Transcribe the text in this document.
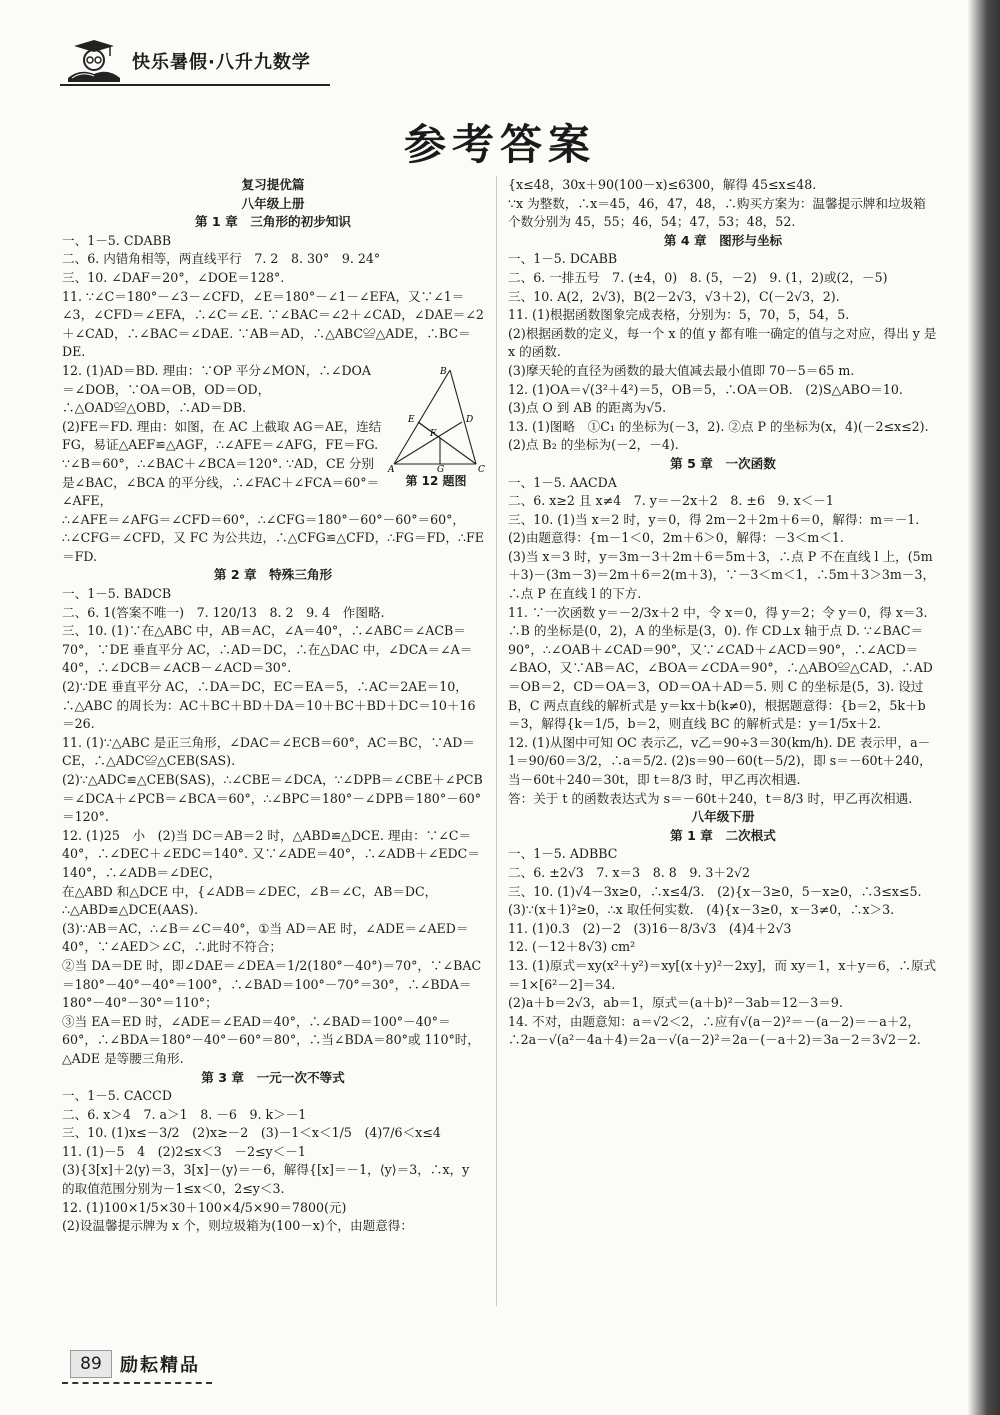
快乐暑假·八升九数学
参考答案
复习提优篇
八年级上册
第 1 章　三角形的初步知识
一、1－5. CDABB
二、6. 内错角相等，两直线平行　7. 2　8. 30°　9. 24°
三、10. ∠DAF＝20°，∠DOE＝128°.
11. ∵∠C＝180°－∠3－∠CFD，∠E＝180°－∠1－∠EFA，又∵∠1＝∠3，∠CFD＝∠EFA，∴∠C＝∠E. ∵∠BAC＝∠2＋∠CAD，∠DAE＝∠2＋∠CAD，∴∠BAC＝∠DAE. ∵AB＝AD，∴△ABC≌△ADE，∴BC＝DE.
B
E	D
F
A	G	C
第 12 题图
12. (1)AD＝BD. 理由：∵OP 平分∠MON，∴∠DOA＝∠DOB，∵OA＝OB，OD＝OD，∴△OAD≌△OBD，∴AD＝DB.
(2)FE＝FD. 理由：如图，在 AC 上截取 AG＝AE，连结 FG，易证△AEF≌△AGF，∴∠AFE＝∠AFG，FE＝FG. ∵∠B＝60°，∴∠BAC＋∠BCA＝120°. ∵AD，CE 分别是∠BAC，∠BCA 的平分线，∴∠FAC＋∠FCA＝60°＝∠AFE，
∴∠AFE＝∠AFG＝∠CFD＝60°，∴∠CFG＝180°－60°－60°＝60°，∴∠CFG＝∠CFD，又 FC 为公共边，∴△CFG≌△CFD，∴FG＝FD，∴FE＝FD.
第 2 章　特殊三角形
一、1－5. BADCB
二、6. 1(答案不唯一)　7. 120/13　8. 2　9. 4　作图略.
三、10. (1)∵在△ABC 中，AB＝AC，∠A＝40°，∴∠ABC＝∠ACB＝70°，∵DE 垂直平分 AC，∴AD＝DC，∴在△DAC 中，∠DCA＝∠A＝40°，∴∠DCB＝∠ACB－∠ACD＝30°.
(2)∵DE 垂直平分 AC，∴DA＝DC，EC＝EA＝5，∴AC＝2AE＝10，∴△ABC 的周长为：AC＋BC＋BD＋DA＝10＋BC＋BD＋DC＝10＋16＝26.
11. (1)∵△ABC 是正三角形，∠DAC＝∠ECB＝60°，AC＝BC，∵AD＝CE，∴△ADC≌△CEB(SAS).
(2)∵△ADC≌△CEB(SAS)，∴∠CBE＝∠DCA，∵∠DPB＝∠CBE＋∠PCB＝∠DCA＋∠PCB＝∠BCA＝60°，∴∠BPC＝180°－∠DPB＝180°－60°＝120°.
12. (1)25　小　(2)当 DC＝AB＝2 时，△ABD≌△DCE. 理由：∵∠C＝40°，∴∠DEC＋∠EDC＝140°. 又∵∠ADE＝40°，∴∠ADB＋∠EDC＝140°，∴∠ADB＝∠DEC，
在△ABD 和△DCE 中，{∠ADB＝∠DEC，∠B＝∠C，AB＝DC，
∴△ABD≌△DCE(AAS).
(3)∵AB＝AC，∴∠B＝∠C＝40°，①当 AD＝AE 时，∠ADE＝∠AED＝40°，∵∠AED＞∠C，∴此时不符合；
②当 DA＝DE 时，即∠DAE＝∠DEA＝1/2(180°－40°)＝70°，∵∠BAC＝180°－40°－40°＝100°，∴∠BAD＝100°－70°＝30°，∴∠BDA＝180°－40°－30°＝110°；
③当 EA＝ED 时，∠ADE＝∠EAD＝40°，∴∠BAD＝100°－40°＝60°，∴∠BDA＝180°－40°－60°＝80°，∴当∠BDA＝80°或 110°时，△ADE 是等腰三角形.
第 3 章　一元一次不等式
一、1－5. CACCD
二、6. x＞4　7. a＞1　8. －6　9. k＞－1
三、10. (1)x≤－3/2　(2)x≥－2　(3)－1＜x＜1/5　(4)7/6＜x≤4
11. (1)－5　4　(2)2≤x＜3　－2≤y＜－1
(3){3[x]＋2⟨y⟩＝3，3[x]－⟨y⟩＝－6，解得{[x]＝－1，⟨y⟩＝3，∴x，y 的取值范围分别为－1≤x＜0，2≤y＜3.
12. (1)100×1/5×30＋100×4/5×90＝7800(元)
(2)设温馨提示牌为 x 个，则垃圾箱为(100－x)个，由题意得：
{x≤48，30x＋90(100－x)≤6300，解得 45≤x≤48.
∵x 为整数，∴x＝45，46，47，48，∴购买方案为：温馨提示牌和垃圾箱个数分别为 45，55；46，54；47，53；48，52.
第 4 章　图形与坐标
一、1－5. DCABB
二、6. 一排五号　7. (±4，0)　8. (5，－2)　9. (1，2)或(2，－5)
三、10. A(2，2√3)，B(2－2√3，√3＋2)，C(－2√3，2).
11. (1)根据函数图象完成表格，分别为：5，70，5，54，5.
(2)根据函数的定义，每一个 x 的值 y 都有唯一确定的值与之对应，得出 y 是 x 的函数.
(3)摩天轮的直径为函数的最大值减去最小值即 70－5＝65 m.
12. (1)OA＝√(3²＋4²)＝5，OB＝5，∴OA＝OB.　(2)S△ABO＝10.
(3)点 O 到 AB 的距离为√5.
13. (1)图略　①C₁ 的坐标为(－3，2). ②点 P 的坐标为(x，4)(－2≤x≤2).
(2)点 B₂ 的坐标为(－2，－4).
第 5 章　一次函数
一、1－5. AACDA
二、6. x≥2 且 x≠4　7. y＝－2x＋2　8. ±6　9. x＜－1
三、10. (1)当 x＝2 时，y＝0，得 2m－2＋2m＋6＝0，解得：m＝－1.
(2)由题意得：{m－1＜0，2m＋6＞0，解得：－3＜m＜1.
(3)当 x＝3 时，y＝3m－3＋2m＋6＝5m＋3，∴点 P 不在直线 l 上，(5m＋3)－(3m－3)＝2m＋6＝2(m＋3)，∵－3＜m＜1，∴5m＋3＞3m－3，∴点 P 在直线 l 的下方.
11. ∵一次函数 y＝－2/3x＋2 中，令 x＝0，得 y＝2；令 y＝0，得 x＝3. ∴B 的坐标是(0，2)，A 的坐标是(3，0). 作 CD⊥x 轴于点 D. ∵∠BAC＝90°，∴∠OAB＋∠CAD＝90°，又∵∠CAD＋∠ACD＝90°，∴∠ACD＝∠BAO，又∵AB＝AC，∠BOA＝∠CDA＝90°，∴△ABO≌△CAD，∴AD＝OB＝2，CD＝OA＝3，OD＝OA＋AD＝5. 则 C 的坐标是(5，3). 设过 B，C 两点直线的解析式是 y＝kx＋b(k≠0)，根据题意得：{b＝2，5k＋b＝3，解得{k＝1/5，b＝2，则直线 BC 的解析式是：y＝1/5x＋2.
12. (1)从图中可知 OC 表示乙，v乙＝90÷3＝30(km/h). DE 表示甲，a－1＝90/60＝3/2，∴a＝5/2. (2)s＝90－60(t－5/2)，即 s＝－60t＋240，当－60t＋240＝30t，即 t＝8/3 时，甲乙再次相遇.
答：关于 t 的函数表达式为 s＝－60t＋240，t＝8/3 时，甲乙再次相遇.
八年级下册
第 1 章　二次根式
一、1－5. ADBBC
二、6. ±2√3　7. x＝3　8. 8　9. 3＋2√2
三、10. (1)√4－3x≥0，∴x≤4/3.　(2){x－3≥0，5－x≥0，∴3≤x≤5.
(3)∵(x＋1)²≥0，∴x 取任何实数.　(4){x－3≥0，x－3≠0，∴x＞3.
11. (1)0.3　(2)－2　(3)16－8/3√3　(4)4＋2√3
12. (－12＋8√3) cm²
13. (1)原式＝xy(x²＋y²)＝xy[(x＋y)²－2xy]，而 xy＝1，x＋y＝6，∴原式＝1×[6²－2]＝34.
(2)a＋b＝2√3，ab＝1，原式＝(a＋b)²－3ab＝12－3＝9.
14. 不对，由题意知：a＝√2＜2，∴应有√(a－2)²＝－(a－2)＝－a＋2，∴2a－√(a²－4a＋4)＝2a－√(a－2)²＝2a－(－a＋2)＝3a－2＝3√2－2.
89	励耘精品
